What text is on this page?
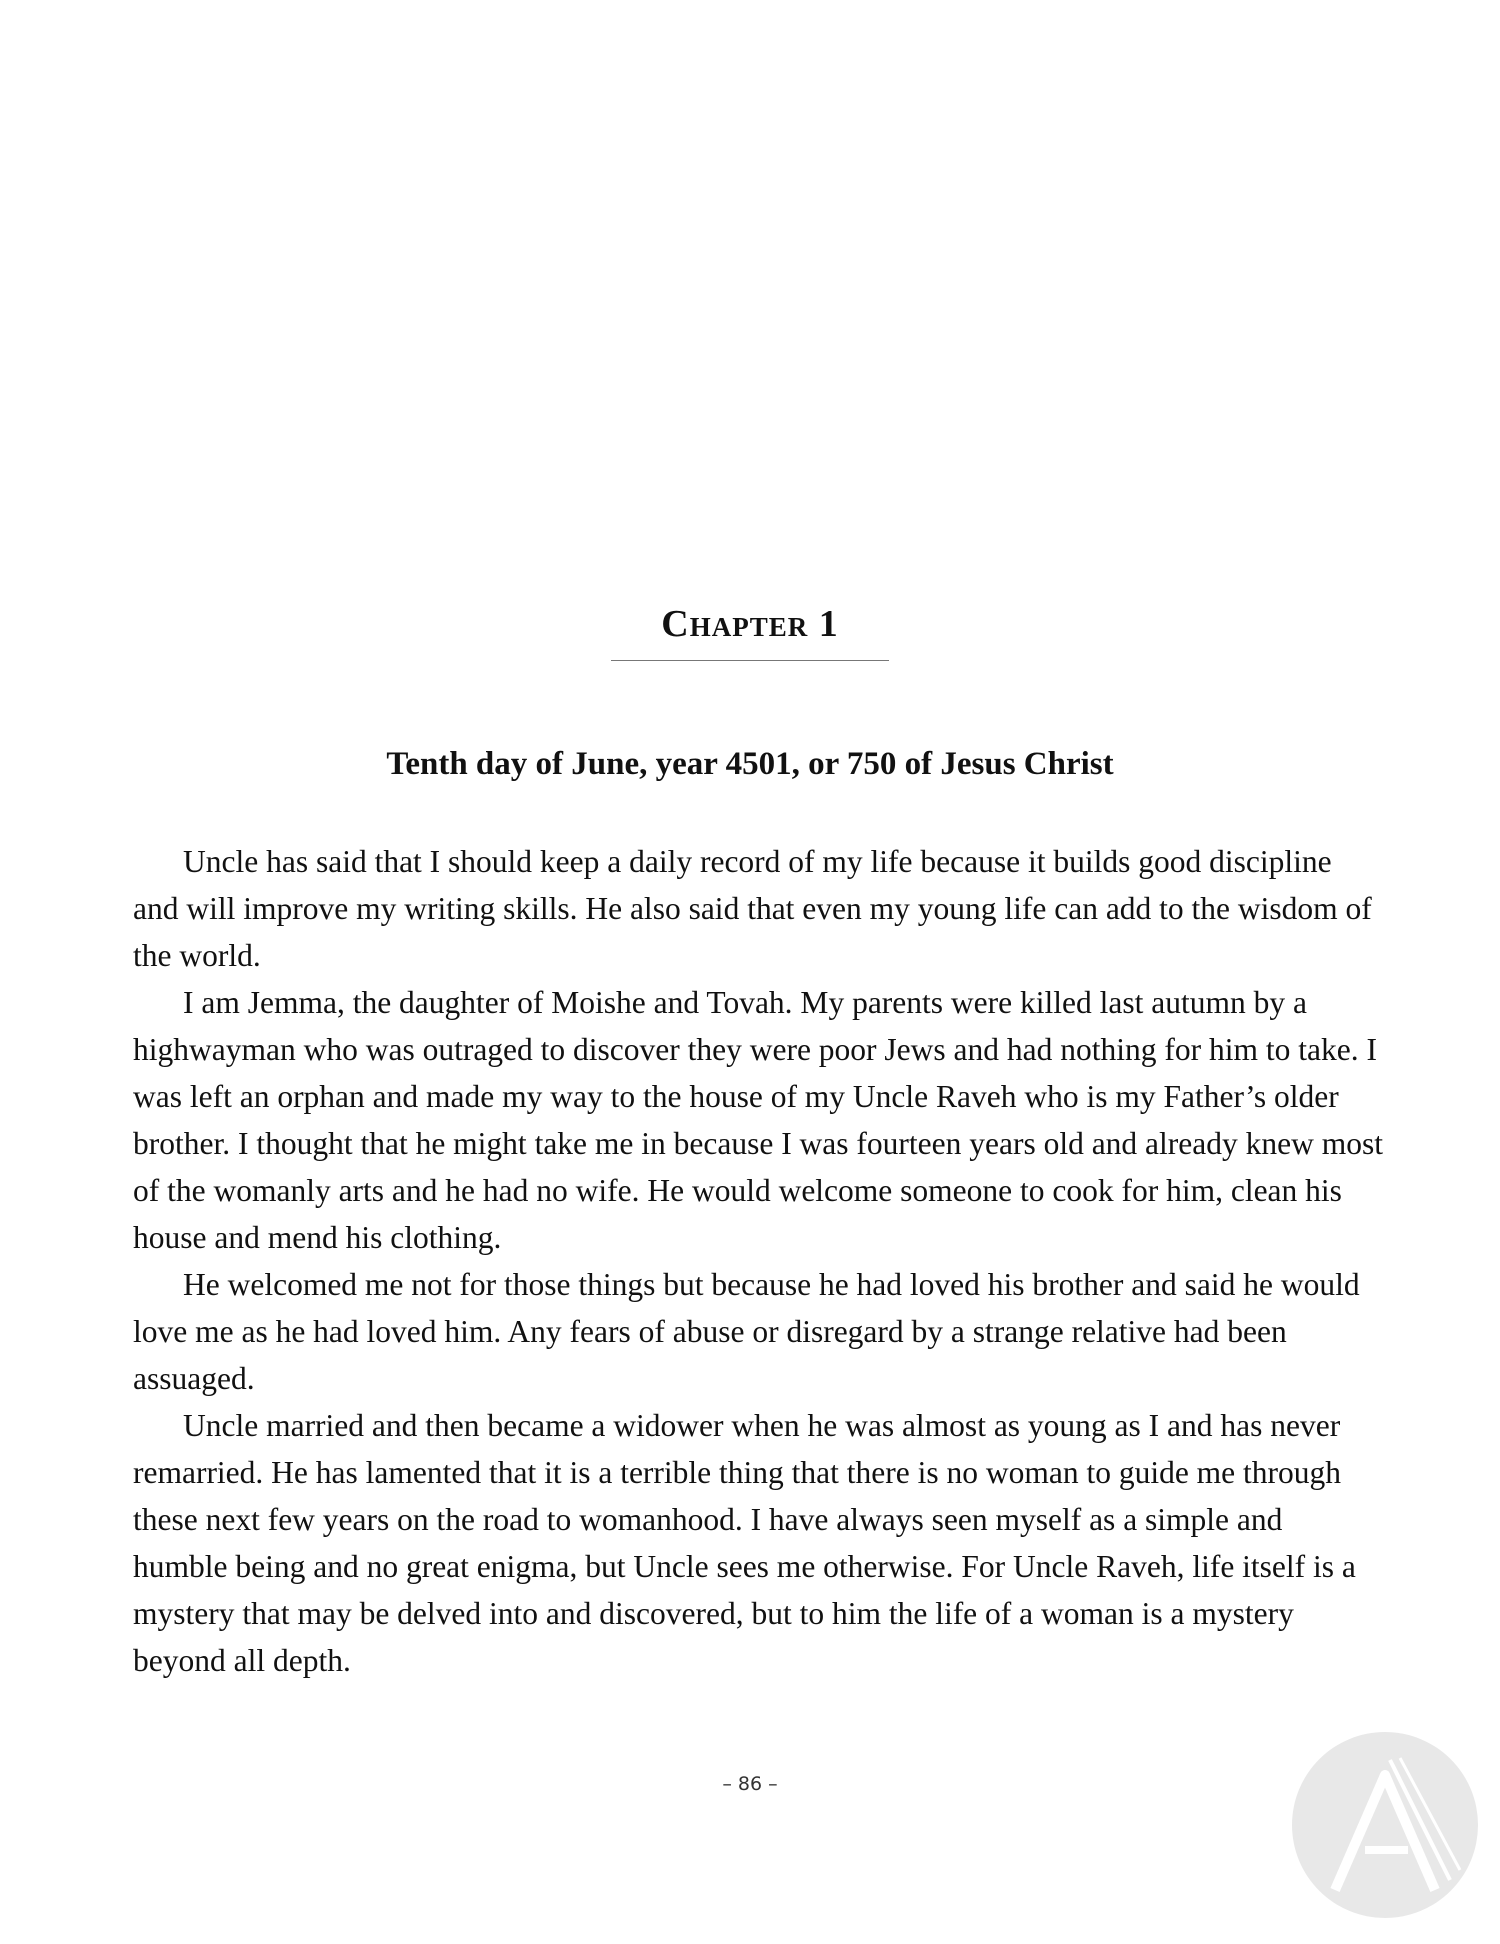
Chapter 1
Tenth day of June, year 4501, or 750 of Jesus Christ

Uncle has said that I should keep a daily record of my life because it builds good discipline and will improve my writing skills. He also said that even my young life can add to the wisdom of the world.

I am Jemma, the daughter of Moishe and Tovah. My parents were killed last autumn by a highwayman who was outraged to discover they were poor Jews and had nothing for him to take. I was left an orphan and made my way to the house of my Uncle Raveh who is my Father’s older brother. I thought that he might take me in because I was fourteen years old and already knew most of the womanly arts and he had no wife. He would welcome someone to cook for him, clean his house and mend his clothing.

He welcomed me not for those things but because he had loved his brother and said he would love me as he had loved him. Any fears of abuse or disregard by a strange relative had been assuaged.

Uncle married and then became a widower when he was almost as young as I and has never remarried. He has lamented that it is a terrible thing that there is no woman to guide me through these next few years on the road to womanhood. I have always seen myself as a simple and humble being and no great enigma, but Uncle sees me otherwise. For Uncle Raveh, life itself is a mystery that may be delved into and discovered, but to him the life of a woman is a mystery beyond all depth.

– 86 –
